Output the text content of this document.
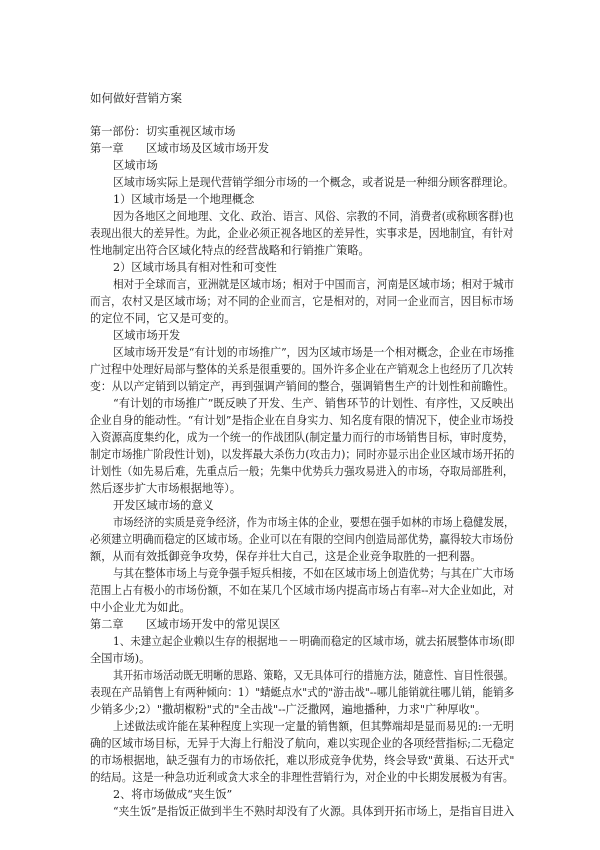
如何做好营销方案

第一部份：切实重视区域市场

第一章　　区域市场及区域市场开发

区域市场

区域市场实际上是现代营销学细分市场的一个概念，或者说是一种细分顾客群理论。

1）区域市场是一个地理概念

因为各地区之间地理、文化、政治、语言、风俗、宗教的不同，消费者(或称顾客群)也

表现出很大的差异性。为此，企业必须正视各地区的差异性，实事求是，因地制宜，有针对

性地制定出符合区域化特点的经营战略和行销推广策略。

2）区域市场具有相对性和可变性

相对于全球而言，亚洲就是区域市场；相对于中国而言，河南是区域市场；相对于城市

而言，农村又是区域市场；对不同的企业而言，它是相对的，对同一企业而言，因目标市场

的定位不同，它又是可变的。

区域市场开发

区域市场开发是“有计划的市场推广”，因为区域市场是一个相对概念，企业在市场推

广过程中处理好局部与整体的关系是很重要的。国外许多企业在产销观念上也经历了几次转

变：从以产定销到以销定产，再到强调产销间的整合，强调销售生产的计划性和前瞻性。

“有计划的市场推广”既反映了开发、生产、销售环节的计划性、有序性，又反映出

企业自身的能动性。“有计划”是指企业在自身实力、知名度有限的情况下，使企业市场投

入资源高度集约化，成为一个统一的作战团队(制定量力而行的市场销售目标，审时度势，

制定市场推广阶段性计划)，以发挥最大杀伤力(攻击力)；同时亦显示出企业区域市场开拓的

计划性（如先易后难，先重点后一般；先集中优势兵力强攻易进入的市场，夺取局部胜利，

然后逐步扩大市场根据地等）。

开发区域市场的意义

市场经济的实质是竞争经济，作为市场主体的企业，要想在强手如林的市场上稳健发展，

必须建立明确而稳定的区域市场。企业可以在有限的空间内创造局部优势，赢得较大市场份

额，从而有效抵御竞争攻势，保存并壮大自己，这是企业竞争取胜的一把利器。

与其在整体市场上与竞争强手短兵相接，不如在区域市场上创造优势；与其在广大市场

范围上占有极小的市场份额，不如在某几个区域市场内提高市场占有率--对大企业如此，对

中小企业尤为如此。

第二章　　区域市场开发中的常见误区

1、未建立起企业赖以生存的根据地－－明确而稳定的区域市场，就去拓展整体市场(即

全国市场)。

其开拓市场活动既无明晰的思路、策略，又无具体可行的措施方法，随意性、盲目性很强。

表现在产品销售上有两种倾向：1）"蜻蜓点水"式的"游击战"--哪儿能销就往哪儿销，能销多

少销多少;2）"撒胡椒粉"式的"全击战"--广泛撒网，遍地播种，力求"广种厚收"。

上述做法或许能在某种程度上实现一定量的销售额，但其弊端却是显而易见的:一无明

确的区域市场目标，无异于大海上行船没了航向，难以实现企业的各项经营指标;二无稳定

的市场根据地，缺乏强有力的市场依托，难以形成竞争优势，终会导致"黄巢、石达开式"

的结局。这是一种急功近利或贪大求全的非理性营销行为，对企业的中长期发展极为有害。

2、将市场做成“夹生饭”

“夹生饭”是指饭正做到半生不熟时却没有了火源。具体到开拓市场上，是指盲目进入
